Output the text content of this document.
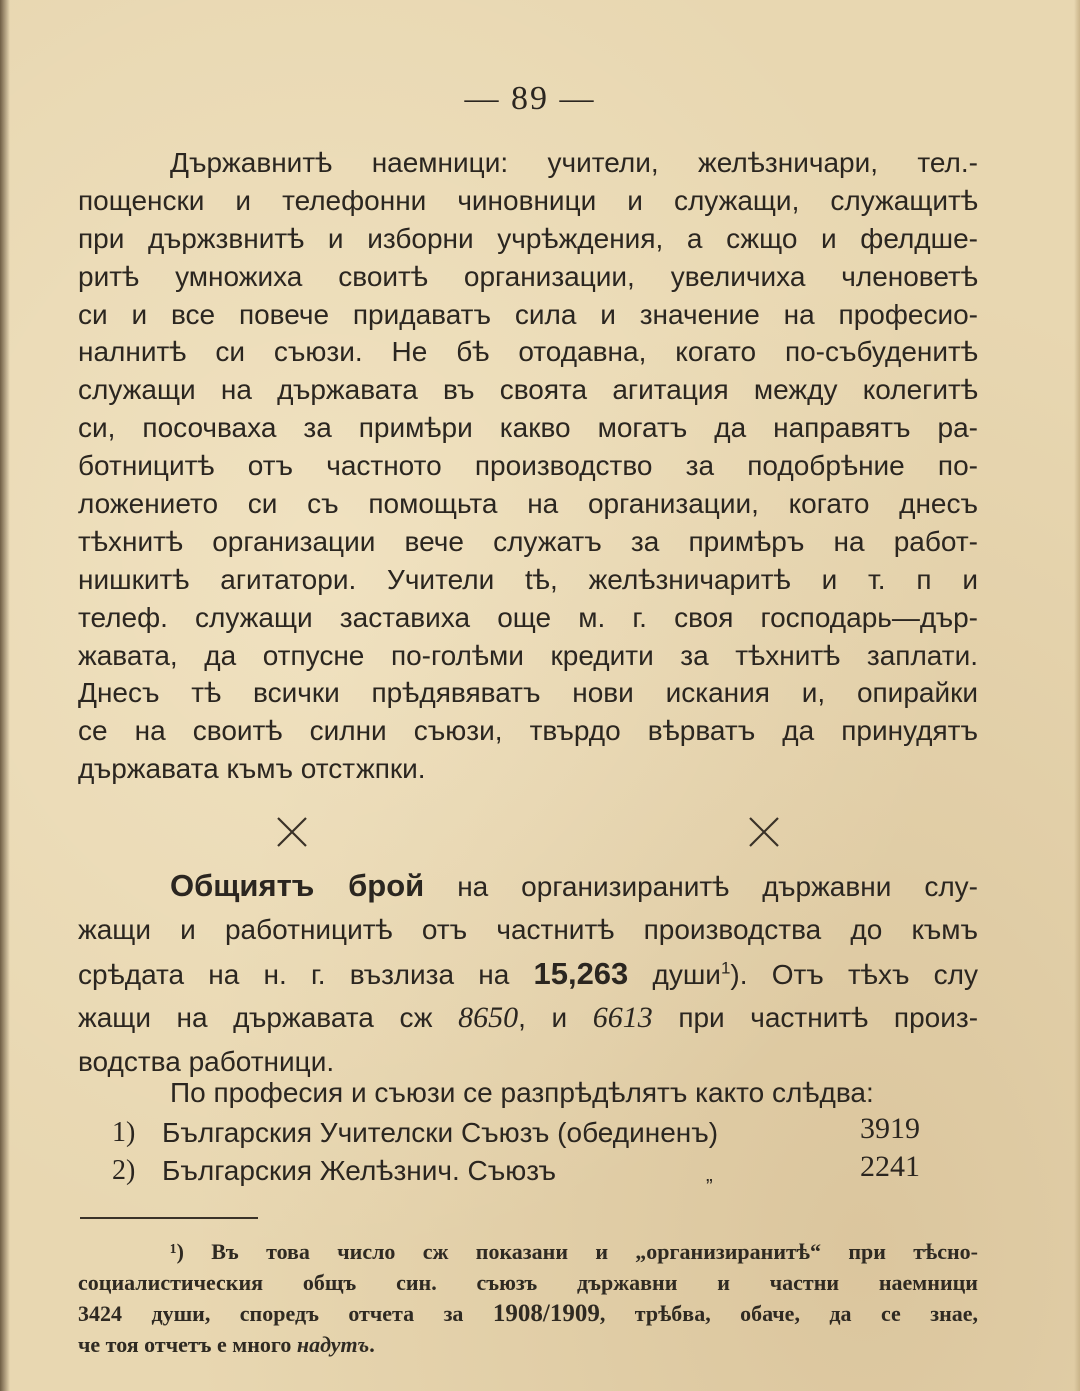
— 89 —
Държавнитѣ наемници: учители, желѣзничари, тел.-
пощенски и телефонни чиновници и служащи, служащитѣ
при държзвнитѣ и изборни учрѣждения, а сжщо и фелдше-
ритѣ умножиха своитѣ организации, увеличиха членоветѣ
си и все повече придаватъ сила и значение на професио-
налнитѣ си съюзи. Не бѣ отодавна, когато по-събуденитѣ
служащи на държавата въ своята агитация между колегитѣ
си, посочваха за примѣри какво могатъ да направятъ ра-
ботницитѣ отъ частното производство за подобрѣние по-
ложението си съ помощьта на организации, когато днесъ
тѣхнитѣ организации вече служатъ за примѣръ на работ-
нишкитѣ агитатори. Учители tѣ, желѣзничаритѣ и т. п и
телеф. служащи заставиха още м. г. своя господарь—дър-
жавата, да отпусне по-голѣми кредити за тѣхнитѣ заплати.
Днесъ тѣ всички прѣдявяватъ нови искания и, опирайки
се на своитѣ силни съюзи, твърдо вѣрватъ да принудятъ
държавата къмъ отстжпки.
Общиятъ брой на организиранитѣ държавни слу-
жащи и работницитѣ отъ частнитѣ производства до къмъ
срѣдата на н. г. възлиза на 15,263 души$^1$). Отъ тѣхъ слу
жащи на държавата сж 8650, и 6613 при частнитѣ произ-
водства работници.
По професия и съюзи се разпрѣдѣлятъ както слѣдва:
1) Българския Учителски Съюзъ (обединенъ)	3919
2) Българския Желѣзнич. Съюзъ	„	2241
¹) Въ това число сж показани и „организиранитѣ“ при тѣсно-
социалистическия общъ син. съюзъ държавни и частни наемници
3424 души, споредъ отчета за 1908/1909, трѣбва, обаче, да се знае,
че тоя отчетъ е много надутъ.
